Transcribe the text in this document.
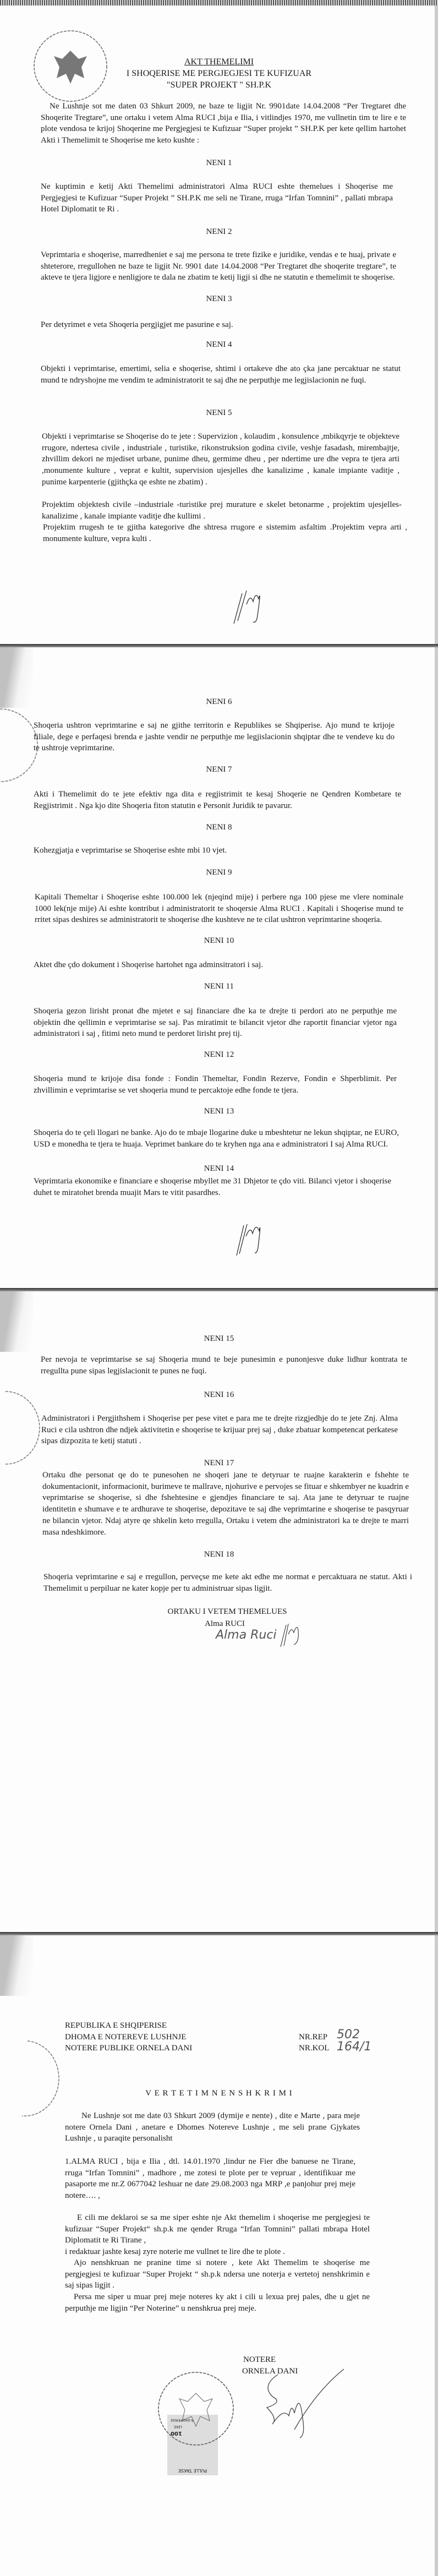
AKT THEMELIMI
I SHOQERISE ME PERGJEGJESI TE KUFIZUAR
"SUPER PROJEKT " SH.P.K
Ne Lushnje sot me daten 03 Shkurt 2009, ne baze te ligjit Nr. 9901date 14.04.2008 “Per Tregtaret dhe Shoqerite Tregtare”, une ortaku i vetem Alma RUCI ,bija e Ilia, i vitlindjes 1970, me vullnetin tim te lire e te plote vendosa te krijoj Shoqerine me Pergjegjesi te Kufizuar “Super projekt ” SH.P.K per kete qellim hartohet Akti i Themelimit te Shoqerise me keto kushte :
NENI 1
Ne kuptimin e ketij Akti Themelimi administratori Alma RUCI eshte themelues i Shoqerise me Pergjegjesi te Kufizuar “Super Projekt ” SH.P.K me seli ne Tirane, rruga “Irfan Tomnini” , pallati mbrapa Hotel Diplomatit te Ri .
NENI 2
Veprimtaria e shoqerise, marredheniet e saj me persona te trete fizike e juridike, vendas e te huaj, private e shteterore, rregullohen ne baze te ligjit Nr. 9901 date 14.04.2008 “Per Tregtaret dhe shoqerite tregtare”, te akteve te tjera ligjore e nenligjore te dala ne zbatim te ketij ligji si dhe ne statutin e themelimit te shoqerise.
NENI 3
Per detyrimet e veta Shoqeria pergjigjet me pasurine e saj.
NENI 4
Objekti i veprimtarise, emertimi, selia e shoqerise, shtimi i ortakeve dhe ato çka jane percaktuar ne statut mund te ndryshojne me vendim te administratorit te saj dhe ne perputhje me legjislacionin ne fuqi.
NENI 5
Objekti i veprimtarise se Shoqerise do te jete : Supervizion , kolaudim , konsulence ,mbikqyrje te objekteve rrugore, ndertesa civile , industriale , turistike, rikonstruksion godina civile, veshje fasadash, mirembajtje, zhvillim dekori ne mjediset urbane, punime dheu, germime dheu , per ndertime ure dhe vepra te tjera arti ,monumente kulture , veprat e kultit, supervision ujesjelles dhe kanalizime , kanale impiante vaditje , punime karpenterie (gjithçka qe eshte ne zbatim) .
Projektim objektesh civile –industriale -turistike prej murature e skelet betonarme , projektim ujesjelles-kanalizime , kanale impiante vaditje dhe kullimi .
Projektim rrugesh te te gjitha kategorive dhe shtresa rrugore e sistemim asfaltim .Projektim vepra arti , monumente kulture, vepra kulti .
NENI 6
Shoqeria ushtron veprimtarine e saj ne gjithe territorin e Republikes se Shqiperise. Ajo mund te krijoje filiale, dege e perfaqesi brenda e jashte vendir ne perputhje me legjislacionin shqiptar dhe te vendeve ku do te ushtroje veprimtarine.
NENI 7
Akti i Themelimit do te jete efektiv nga dita e regjistrimit te kesaj Shoqerie ne Qendren Kombetare te Regjistrimit . Nga kjo dite Shoqeria fiton statutin e Personit Juridik te pavarur.
NENI 8
Kohezgjatja e veprimtarise se Shoqerise eshte mbi 10 vjet.
NENI 9
Kapitali Themeltar i Shoqerise eshte 100.000 lek (njeqind mije) i perbere nga 100 pjese me vlere nominale 1000 lek(nje mije) Ai eshte kontribut i administratorit te shoqersie Alma RUCI . Kapitali i Shoqerise mund te rritet sipas deshires se administratorit te shoqerise dhe kushteve ne te cilat ushtron veprimtarine shoqeria.
NENI 10
Aktet dhe çdo dokument i Shoqerise hartohet nga adminsitratori i saj.
NENI 11
Shoqeria gezon lirisht pronat dhe mjetet e saj financiare dhe ka te drejte ti perdori ato ne perputhje me objektin dhe qellimin e veprimtarise se saj. Pas miratimit te bilancit vjetor dhe raportit financiar vjetor nga administratori i saj , fitimi neto mund te perdoret lirisht prej tij.
NENI 12
Shoqeria mund te krijoje disa fonde : Fondin Themeltar, Fondin Rezerve, Fondin e Shperblimit. Per zhvillimin e veprimtarise se vet shoqeria mund te percaktoje edhe fonde te tjera.
NENI 13
Shoqeria do te çeli llogari ne banke. Ajo do te mbaje llogarine duke u mbeshtetur ne lekun shqiptar, ne EURO, USD e monedha te tjera te huaja. Veprimet bankare do te kryhen nga ana e administratori I saj Alma RUCI.
NENI 14
Veprimtaria ekonomike e financiare e shoqerise mbyllet me 31 Dhjetor te çdo viti. Bilanci vjetor i shoqerise duhet te miratohet brenda muajit Mars te vitit pasardhes.
NENI 15
Per nevoja te veprimtarise se saj Shoqeria mund te beje punesimin e punonjesve duke lidhur kontrata te rregullta pune sipas legjislacionit te punes ne fuqi.
NENI 16
Administratori i Pergjithshem i Shoqerise per pese vitet e para me te drejte rizgjedhje do te jete Znj. Alma Ruci e cila ushtron dhe ndjek aktivitetin e shoqerise te krijuar prej saj , duke zbatuar kompetencat perkatese sipas dizpozita te ketij statuti .
NENI 17
Ortaku dhe personat qe do te punesohen ne shoqeri jane te detyruar te ruajne karakterin e fshehte te dokumentacionit, informacionit, burimeve te mallrave, njohurive e pervojes se fituar e shkembyer ne kuadrin e veprimtarise se shoqerise, si dhe fshehtesine e gjendjes financiare te saj. Ata jane te detyruar te ruajne identitetin e shumave e te ardhurave te shoqerise, depozitave te saj dhe veprimtarine e shoqerise te pasqyruar ne bilancin vjetor. Ndaj atyre qe shkelin keto rregulla, Ortaku i vetem dhe administratori ka te drejte te marri masa ndeshkimore.
NENI 18
Shoqeria veprimtarine e saj e rregullon, perveçse me kete akt edhe me normat e percaktuara ne statut. Akti i Themelimit u perpiluar ne kater kopje per tu administruar sipas ligjit.
ORTAKU I VETEM THEMELUES
Alma RUCI
Alma Ruci
REPUBLIKA E SHQIPERISE
DHOMA E NOTEREVE LUSHNJE
NOTERE PUBLIKE ORNELA DANI
NR.REP 502
NR.KOL 164/1
V E R T E T I M N E N S H K R I M I
Ne Lushnje sot me date 03 Shkurt 2009 (dymije e nente) , dite e Marte , para meje notere Ornela Dani , anetare e Dhomes Notereve Lushnje , me seli prane Gjykates Lushnje , u paraqite personalisht
1.ALMA RUCI , bija e Ilia , dtl. 14.01.1970 ,lindur ne Fier dhe banuese ne Tirane, rruga “Irfan Tomnini” , madhore , me zotesi te plote per te vepruar , identifikuar me pasaporte me nr.Z 0677042 leshuar ne date 29.08.2003 nga MRP ,e panjohur prej meje notere…. ,
E cili me deklaroi se sa me siper eshte nje Akt themelim i shoqerise me pergjegjesi te kufizuar “Super Projekt“ sh.p.k me qender Rruga “Irfan Tomnini” pallati mbrapa Hotel Diplomatit te Ri Tirane ,
i redaktuar jashte kesaj zyre noterie me vullnet te lire dhe te plote .
Ajo nenshkruan ne pranine time si notere , kete Akt Themelim te shoqerise me pergjegjesi te kufizuar “Super Projekt “ sh.p.k ndersa une noterja e vertetoj nenshkrimin e saj sipas ligjit .
Persa me siper u muar prej meje noteres ky akt i cili u lexua prej pales, dhe u gjet ne perputhje me ligjin “Per Noterine” u nenshkrua prej meje.
NOTERE
ORNELA DANI
PULLE TAKSE
100
LEKE
R.SHQIPERISE
